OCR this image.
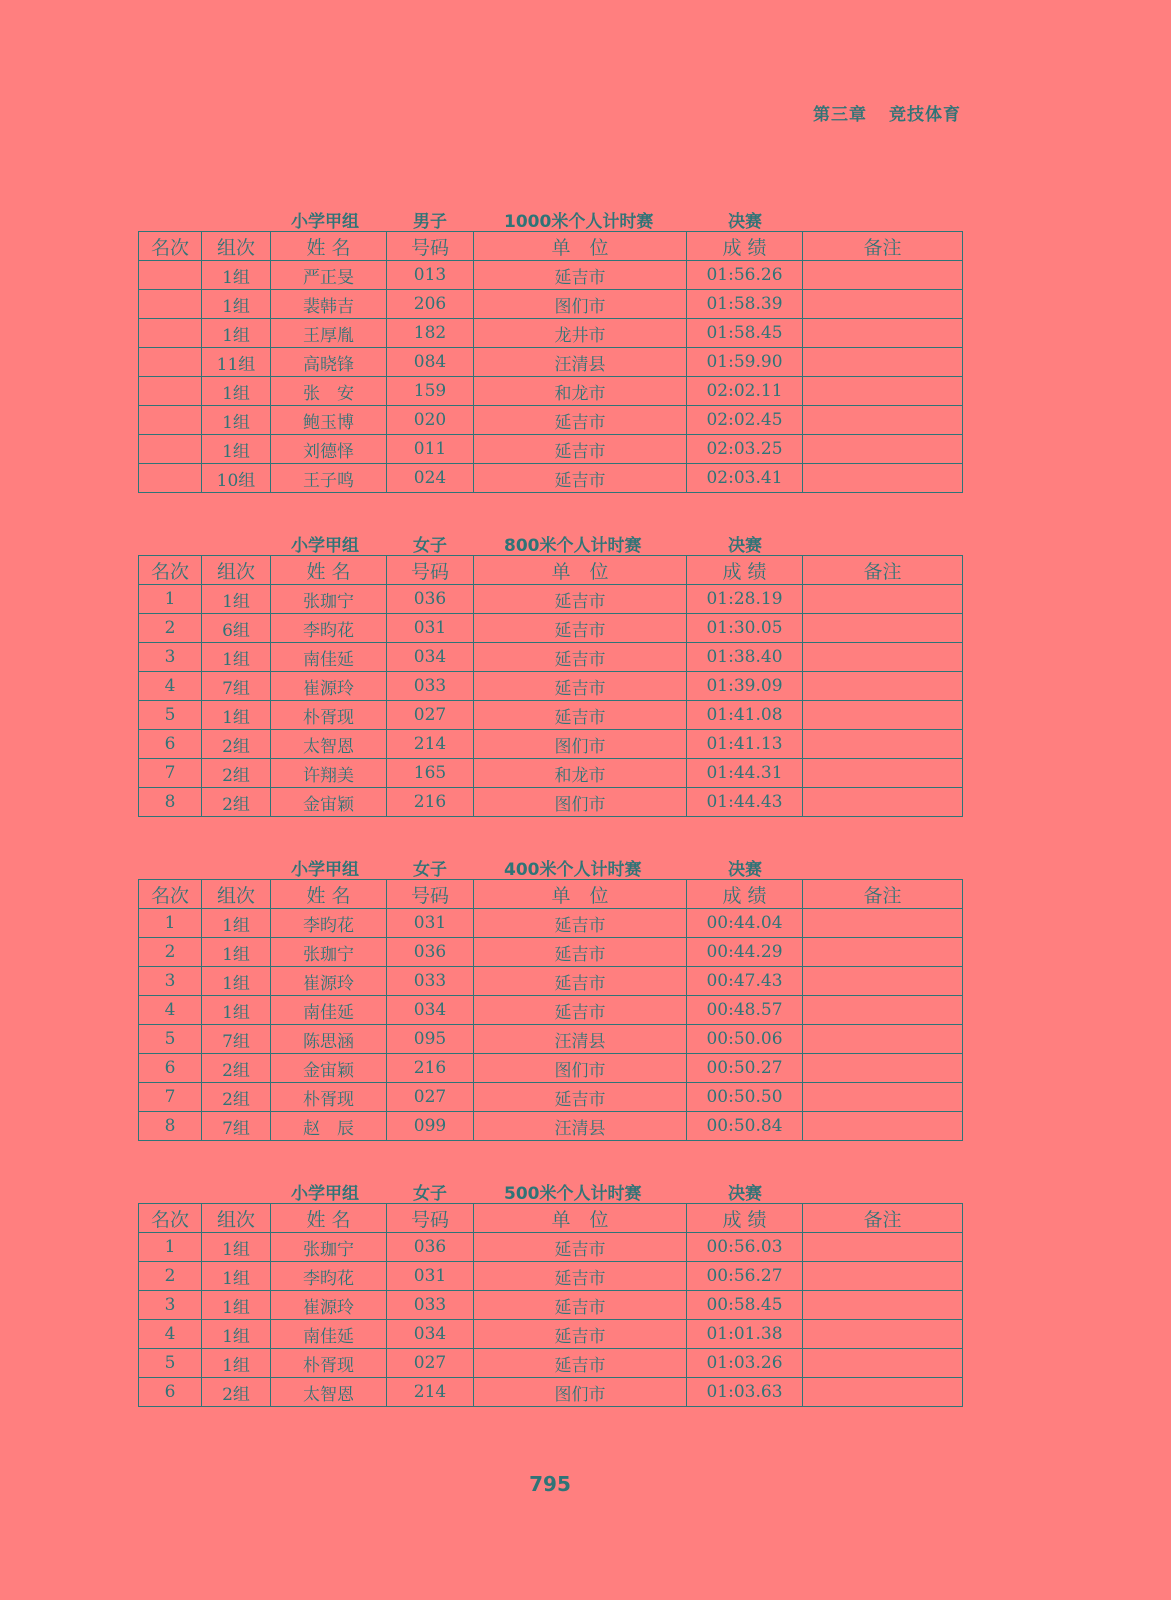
第三章 竞技体育
小学甲组	男子	1000米个人计时赛	决赛
名次	组次	姓 名	号码	单　位	成 绩	备注
	1组	严正旻	013	延吉市	01:56.26	
	1组	裴韩吉	206	图们市	01:58.39	
	1组	王厚胤	182	龙井市	01:58.45	
	11组	高晓锋	084	汪清县	01:59.90	
	1组	张　安	159	和龙市	02:02.11	
	1组	鲍玉博	020	延吉市	02:02.45	
	1组	刘德怿	011	延吉市	02:03.25	
	10组	王子鸣	024	延吉市	02:03.41	
小学甲组	女子	800米个人计时赛	决赛
名次	组次	姓 名	号码	单　位	成 绩	备注
1	1组	张珈宁	036	延吉市	01:28.19	
2	6组	李昀花	031	延吉市	01:30.05	
3	1组	南佳延	034	延吉市	01:38.40	
4	7组	崔源玲	033	延吉市	01:39.09	
5	1组	朴胥现	027	延吉市	01:41.08	
6	2组	太智恩	214	图们市	01:41.13	
7	2组	许翔美	165	和龙市	01:44.31	
8	2组	金宙颖	216	图们市	01:44.43	
小学甲组	女子	400米个人计时赛	决赛
名次	组次	姓 名	号码	单　位	成 绩	备注
1	1组	李昀花	031	延吉市	00:44.04	
2	1组	张珈宁	036	延吉市	00:44.29	
3	1组	崔源玲	033	延吉市	00:47.43	
4	1组	南佳延	034	延吉市	00:48.57	
5	7组	陈思涵	095	汪清县	00:50.06	
6	2组	金宙颖	216	图们市	00:50.27	
7	2组	朴胥现	027	延吉市	00:50.50	
8	7组	赵　辰	099	汪清县	00:50.84	
小学甲组	女子	500米个人计时赛	决赛
名次	组次	姓 名	号码	单　位	成 绩	备注
1	1组	张珈宁	036	延吉市	00:56.03	
2	1组	李昀花	031	延吉市	00:56.27	
3	1组	崔源玲	033	延吉市	00:58.45	
4	1组	南佳延	034	延吉市	01:01.38	
5	1组	朴胥现	027	延吉市	01:03.26	
6	2组	太智恩	214	图们市	01:03.63	
795
